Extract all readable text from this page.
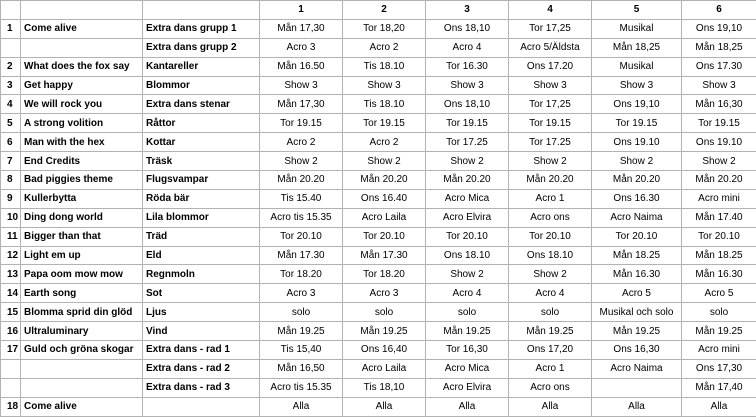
			1	2	3	4	5	6
1	Come alive	Extra dans grupp 1	Mån 17,30	Tor 18,20	Ons 18,10	Tor 17,25	Musikal	Ons 19,10
		Extra dans grupp 2	Acro 3	Acro 2	Acro 4	Acro 5/Äldsta	Mån 18,25	Mån 18,25
2	What does the fox say	Kantareller	Mån 16.50	Tis 18.10	Tor 16.30	Ons 17.20	Musikal	Ons 17.30
3	Get happy	Blommor	Show 3	Show 3	Show 3	Show 3	Show 3	Show 3
4	We will rock you	Extra dans stenar	Mån 17,30	Tis 18.10	Ons 18,10	Tor 17,25	Ons 19,10	Mån 16,30
5	A strong volition	Råttor	Tor 19.15	Tor 19.15	Tor 19.15	Tor 19.15	Tor 19.15	Tor 19.15
6	Man with the hex	Kottar	Acro 2	Acro 2	Tor 17.25	Tor 17.25	Ons 19.10	Ons 19.10
7	End Credits	Träsk	Show 2	Show 2	Show 2	Show 2	Show 2	Show 2
8	Bad piggies theme	Flugsvampar	Mån 20.20	Mån 20.20	Mån 20.20	Mån 20.20	Mån 20.20	Mån 20.20
9	Kullerbytta	Röda bär	Tis 15.40	Ons 16.40	Acro Mica	Acro 1	Ons 16.30	Acro mini
10	Ding dong world	Lila blommor	Acro tis 15.35	Acro Laila	Acro Elvira	Acro ons	Acro Naima	Mån 17.40
11	Bigger than that	Träd	Tor 20.10	Tor 20.10	Tor 20.10	Tor 20.10	Tor 20.10	Tor 20.10
12	Light em up	Eld	Mån 17.30	Mån 17.30	Ons 18.10	Ons 18.10	Mån 18.25	Mån 18.25
13	Papa oom mow mow	Regnmoln	Tor 18.20	Tor 18.20	Show 2	Show 2	Mån 16.30	Mån 16.30
14	Earth song	Sot	Acro 3	Acro 3	Acro 4	Acro 4	Acro 5	Acro 5
15	Blomma sprid din glöd	Ljus	solo	solo	solo	solo	Musikal och solo	solo
16	Ultraluminary	Vind	Mån 19.25	Mån 19.25	Mån 19.25	Mån 19.25	Mån 19.25	Mån 19.25
17	Guld och gröna skogar	Extra dans - rad 1	Tis 15,40	Ons 16,40	Tor 16,30	Ons 17,20	Ons 16,30	Acro mini
		Extra dans - rad 2	Mån 16,50	Acro Laila	Acro Mica	Acro 1	Acro Naima	Ons 17,30
		Extra dans - rad 3	Acro tis 15.35	Tis 18,10	Acro Elvira	Acro ons		Mån 17,40
18	Come alive		Alla	Alla	Alla	Alla	Alla	Alla
